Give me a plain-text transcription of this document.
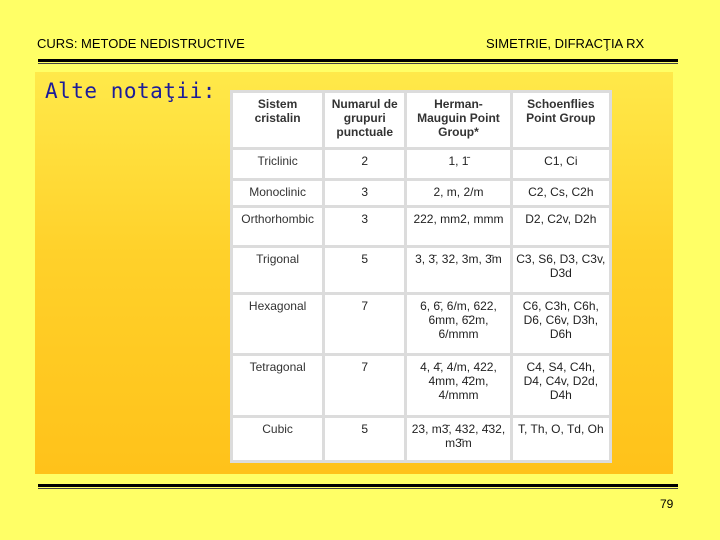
CURS: METODE NEDISTRUCTIVE	SIMETRIE, DIFRACŢIA RX
Alte notaţii:
Sistem cristalin	Numarul de grupuri punctuale	Herman-Mauguin Point Group*	Schoenflies Point Group
Triclinic	2	1, 1̄	C1, Ci
Monoclinic	3	2, m, 2/m	C2, Cs, C2h
Orthorhombic	3	222, mm2, mmm	D2, C2v, D2h
Trigonal	5	3, 3̄, 32, 3m, 3̄m	C3, S6, D3, C3v, D3d
Hexagonal	7	6, 6̄, 6/m, 622, 6mm, 6̄2m, 6/mmm	C6, C3h, C6h, D6, C6v, D3h, D6h
Tetragonal	7	4, 4̄, 4/m, 422, 4mm, 4̄2m, 4/mmm	C4, S4, C4h, D4, C4v, D2d, D4h
Cubic	5	23, m3̄, 432, 4̄32, m3̄m	T, Th, O, Td, Oh
79
